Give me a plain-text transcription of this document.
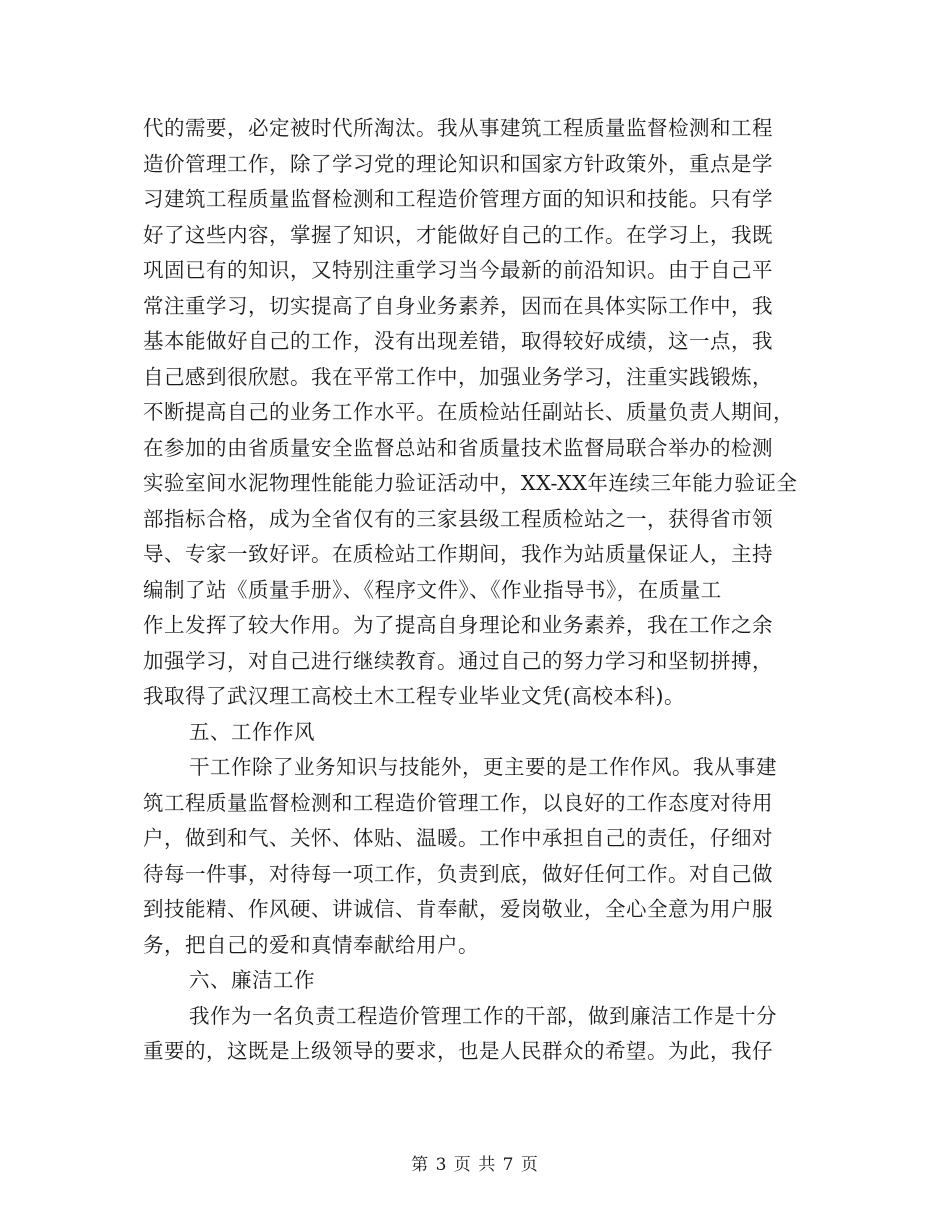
代的需要，必定被时代所淘汰。我从事建筑工程质量监督检测和工程
造价管理工作，除了学习党的理论知识和国家方针政策外，重点是学
习建筑工程质量监督检测和工程造价管理方面的知识和技能。只有学
好了这些内容，掌握了知识，才能做好自己的工作。在学习上，我既
巩固已有的知识，又特别注重学习当今最新的前沿知识。由于自己平
常注重学习，切实提高了自身业务素养，因而在具体实际工作中，我
基本能做好自己的工作，没有出现差错，取得较好成绩，这一点，我
自己感到很欣慰。我在平常工作中，加强业务学习，注重实践锻炼，
不断提高自己的业务工作水平。在质检站任副站长、质量负责人期间，
在参加的由省质量安全监督总站和省质量技术监督局联合举办的检测
实验室间水泥物理性能能力验证活动中，XX-XX年连续三年能力验证全
部指标合格，成为全省仅有的三家县级工程质检站之一，获得省市领
导、专家一致好评。在质检站工作期间，我作为站质量保证人，主持
编制了站《质量手册》、《程序文件》、《作业指导书》，在质量工
作上发挥了较大作用。为了提高自身理论和业务素养，我在工作之余
加强学习，对自己进行继续教育。通过自己的努力学习和坚韧拼搏，
我取得了武汉理工高校土木工程专业毕业文凭(高校本科)。
五、工作作风
干工作除了业务知识与技能外，更主要的是工作作风。我从事建
筑工程质量监督检测和工程造价管理工作，以良好的工作态度对待用
户，做到和气、关怀、体贴、温暖。工作中承担自己的责任，仔细对
待每一件事，对待每一项工作，负责到底，做好任何工作。对自己做
到技能精、作风硬、讲诚信、肯奉献，爱岗敬业，全心全意为用户服
务，把自己的爱和真情奉献给用户。
六、廉洁工作
我作为一名负责工程造价管理工作的干部，做到廉洁工作是十分
重要的，这既是上级领导的要求，也是人民群众的希望。为此，我仔
第 3 页 共 7 页
